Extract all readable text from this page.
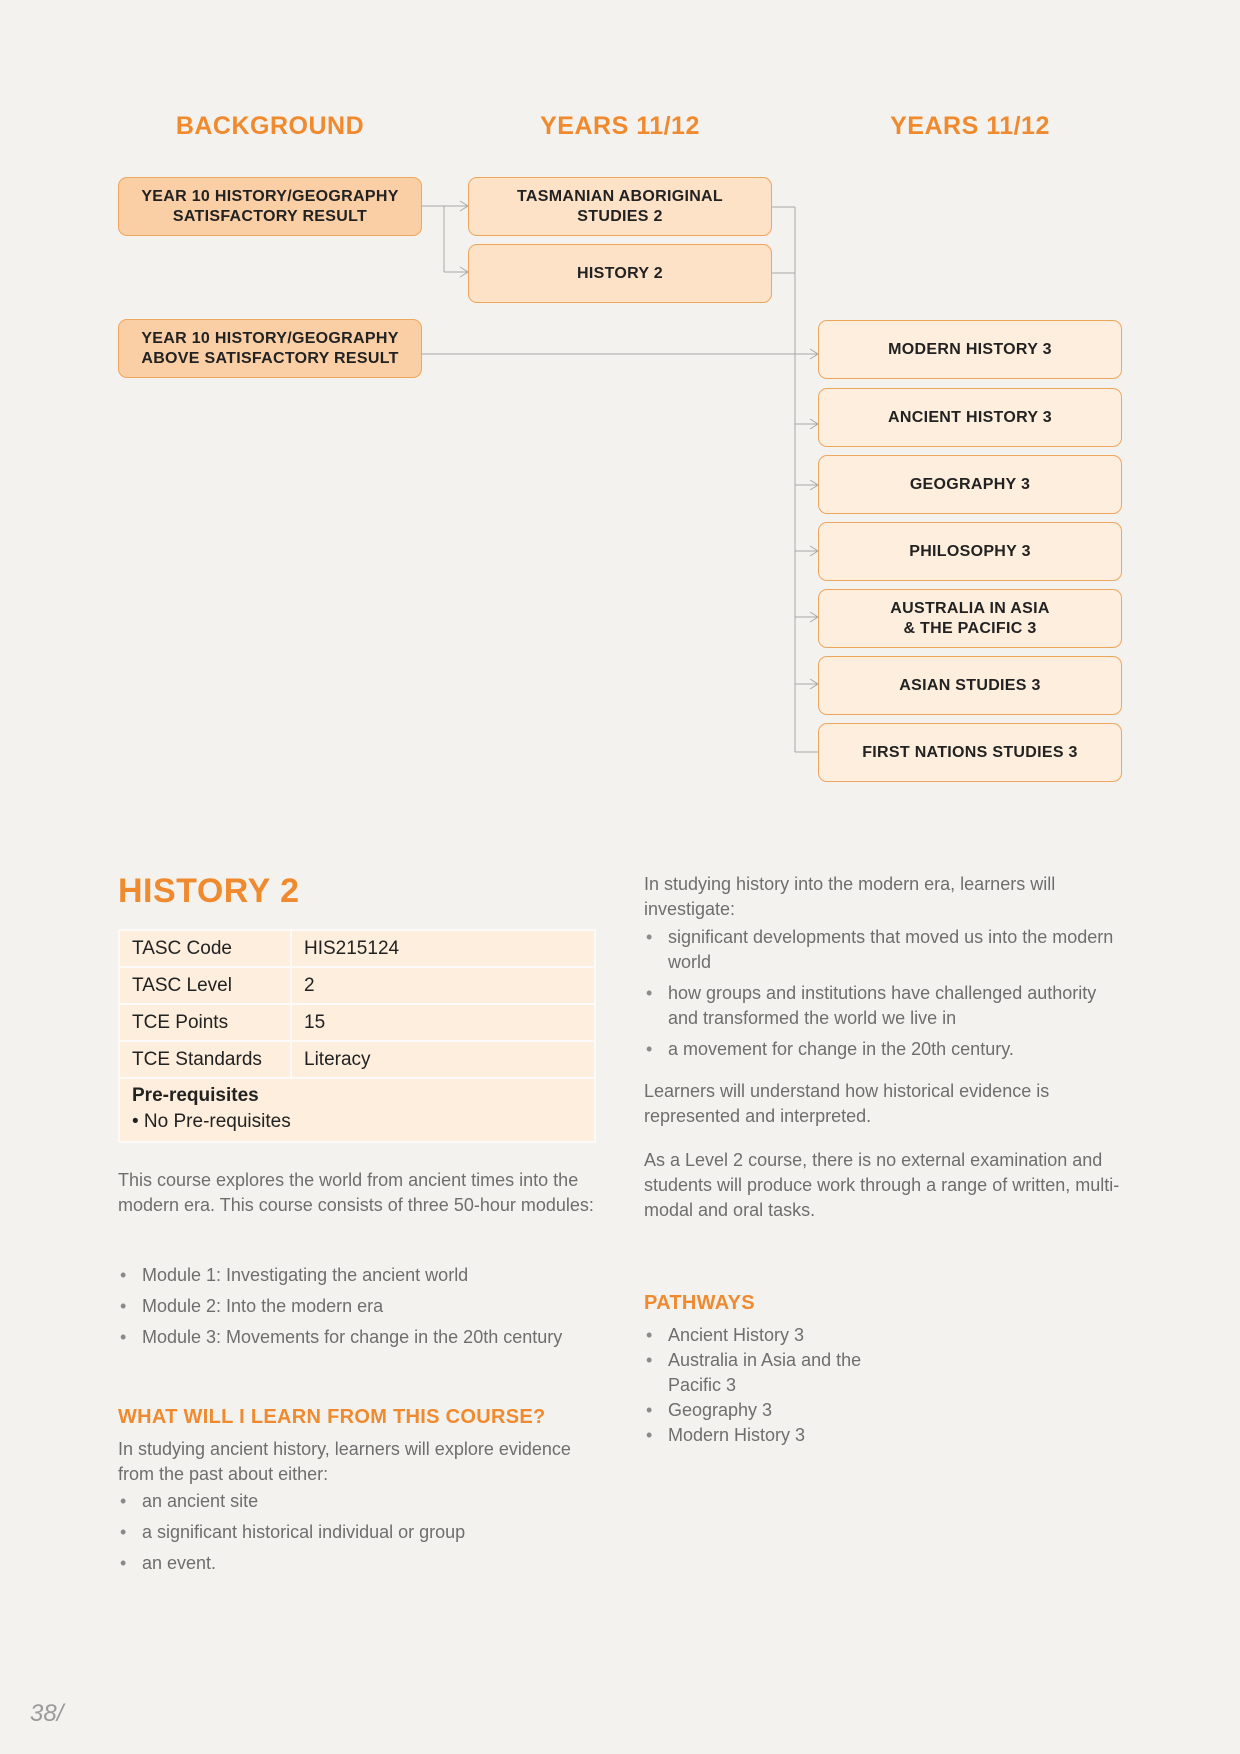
BACKGROUND	YEARS 11/12	YEARS 11/12
YEAR 10 HISTORY/GEOGRAPHY
SATISFACTORY RESULT
YEAR 10 HISTORY/GEOGRAPHY
ABOVE SATISFACTORY RESULT
TASMANIAN ABORIGINAL
STUDIES 2
HISTORY 2
MODERN HISTORY 3
ANCIENT HISTORY 3
GEOGRAPHY 3
PHILOSOPHY 3
AUSTRALIA IN ASIA
& THE PACIFIC 3
ASIAN STUDIES 3
FIRST NATIONS STUDIES 3
HISTORY 2
TASC Code	HIS215124
TASC Level	2
TCE Points	15
TCE Standards	Literacy

Pre-requisites
• No Pre-requisites	

This course explores the world from ancient times into the modern era. This course consists of three 50-hour modules:

• Module 1: Investigating the ancient world
• Module 2: Into the modern era
• Module 3: Movements for change in the 20th century
WHAT WILL I LEARN FROM THIS COURSE?

In studying ancient history, learners will explore evidence from the past about either:

• an ancient site
• a significant historical individual or group
• an event.

In studying history into the modern era, learners will investigate:

• significant developments that moved us into the modern world
• how groups and institutions have challenged authority and transformed the world we live in
• a movement for change in the 20th century.

Learners will understand how historical evidence is represented and interpreted.

As a Level 2 course, there is no external examination and students will produce work through a range of written, multi-modal and oral tasks.

PATHWAYS
• Ancient History 3
• Australia in Asia and the Pacific 3
• Geography 3
• Modern History 3
38/
